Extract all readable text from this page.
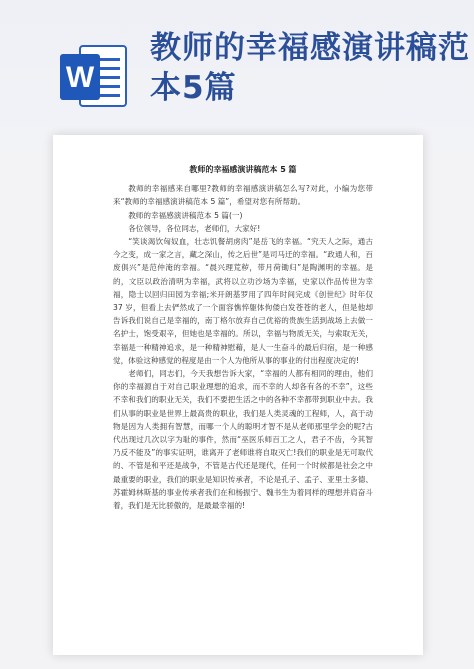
W
教师的幸福感演讲稿范本5篇
教师的幸福感演讲稿范本 5 篇

教师的幸福感来自哪里?教师的幸福感演讲稿怎么写?对此，小编为您带来“教师的幸福感演讲稿范本 5 篇”，希望对您有所帮助。

教师的幸福感演讲稿范本 5 篇(一)

各位领导，各位同志，老师们，大家好!

“笑谈渴饮匈奴血，壮志饥餐胡虏肉”是岳飞的幸福。“究天人之际，通古今之变，成一家之言，藏之深山，传之后世”是司马迁的幸福。“政通人和，百废俱兴”是范仲淹的幸福。“晨兴理荒秽，带月荷锄归”是陶渊明的幸福。是的，文臣以政治清明为幸福，武将以立功沙场为幸福，史家以作品传世为幸福，隐士以回归田园为幸福;米开朗基罗用了四年时间完成《创世纪》时年仅 37 岁，但看上去俨然成了一个面容憔悴躯体佝偻白发苍苍的老人，但是他却告诉我们说自己是幸福的，南丁格尔放弃自己优裕的贵族生活到战场上去做一名护士，饱受艰辛，但她也是幸福的。所以，幸福与物质无关，与索取无关，幸福是一种精神追求，是一种精神慰藉，是人一生奋斗的最后归宿，是一种感觉，体验这种感觉的程度是由一个人为他所从事的事业的付出程度决定的!

老师们，同志们，今天我想告诉大家，“幸福的人都有相同的理由，他们你的幸福源自于对自己职业理想的追求，而不幸的人却各有各的不幸”，这些不幸和我们的职业无关，我们不要把生活之中的各种不幸都带到职业中去。我们从事的职业是世界上最高贵的职业，我们是人类灵魂的工程师，人，高于动物是因为人类拥有智慧，而哪一个人的聪明才智不是从老师那里学会的呢?古代出现过几次以字为耻的事件，然而“巫医乐师百工之人，君子不齿，今其智乃反不能及”的事实证明，谁离开了老师谁将自取灭亡!我们的职业是无可取代的、不管是和平还是战争，不管是古代还是现代，任何一个时候都是社会之中最重要的职业，我们的职业是知识传承者，不论是孔子、孟子、亚里士多德、苏霍姆林斯基的事业传承者我们在和杨振宁、魏书生为着同样的理想并肩奋斗着，我们是无比骄傲的，是最最幸福的!
